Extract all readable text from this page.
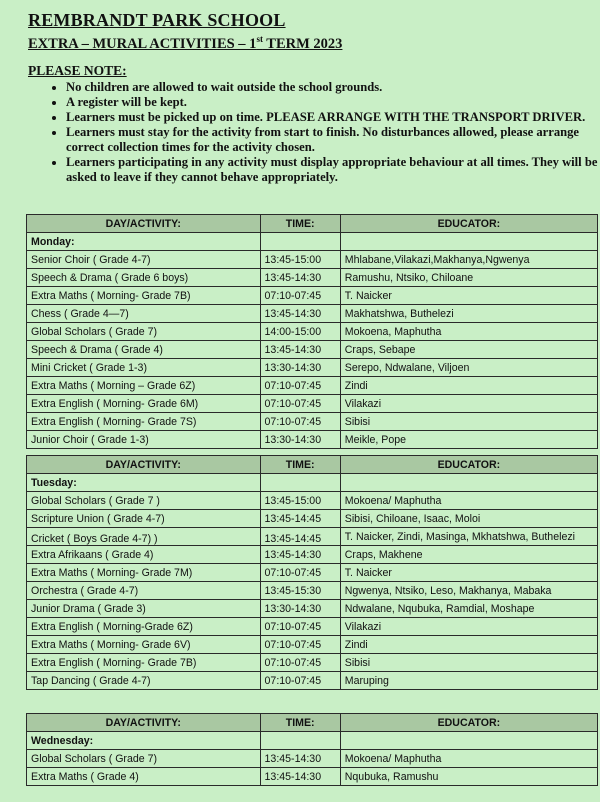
REMBRANDT PARK SCHOOL
EXTRA – MURAL ACTIVITIES – 1st TERM 2023
PLEASE NOTE:
• No children are allowed to wait outside the school grounds.
• A register will be kept.
• Learners must be picked up on time. PLEASE ARRANGE WITH THE TRANSPORT DRIVER.
• Learners must stay for the activity from start to finish. No disturbances allowed, please arrange correct collection times for the activity chosen.
• Learners participating in any activity must display appropriate behaviour at all times. They will be asked to leave if they cannot behave appropriately.
DAY/ACTIVITY:	TIME:	EDUCATOR:
Monday:		
Senior Choir ( Grade 4-7)	13:45-15:00	Mhlabane,Vilakazi,Makhanya,Ngwenya
Speech & Drama ( Grade 6 boys)	13:45-14:30	Ramushu, Ntsiko, Chiloane
Extra Maths ( Morning- Grade 7B)	07:10-07:45	T. Naicker
Chess ( Grade 4—7)	13:45-14:30	Makhatshwa, Buthelezi
Global Scholars ( Grade 7)	14:00-15:00	Mokoena, Maphutha
Speech & Drama ( Grade 4)	13:45-14:30	Craps, Sebape
Mini Cricket ( Grade 1-3)	13:30-14:30	Serepo, Ndwalane, Viljoen
Extra Maths ( Morning – Grade 6Z)	07:10-07:45	Zindi
Extra English ( Morning- Grade 6M)	07:10-07:45	Vilakazi
Extra English ( Morning- Grade 7S)	07:10-07:45	Sibisi
Junior Choir ( Grade 1-3)	13:30-14:30	Meikle, Pope
DAY/ACTIVITY:	TIME:	EDUCATOR:
Tuesday:		
Global Scholars ( Grade 7 )	13:45-15:00	Mokoena/ Maphutha
Scripture Union ( Grade 4-7)	13:45-14:45	Sibisi, Chiloane, Isaac, Moloi
Cricket ( Boys Grade 4-7) )	13:45-14:45	T. Naicker, Zindi, Masinga, Mkhatshwa, Buthelezi
Extra Afrikaans ( Grade 4)	13:45-14:30	Craps, Makhene
Extra Maths ( Morning- Grade 7M)	07:10-07:45	T. Naicker
Orchestra ( Grade 4-7)	13:45-15:30	Ngwenya, Ntsiko, Leso, Makhanya, Mabaka
Junior Drama ( Grade 3)	13:30-14:30	Ndwalane, Nqubuka, Ramdial, Moshape
Extra English ( Morning-Grade 6Z)	07:10-07:45	Vilakazi
Extra Maths ( Morning- Grade 6V)	07:10-07:45	Zindi
Extra English ( Morning- Grade 7B)	07:10-07:45	Sibisi
Tap Dancing ( Grade 4-7)	07:10-07:45	Maruping
DAY/ACTIVITY:	TIME:	EDUCATOR:
Wednesday:		
Global Scholars ( Grade 7)	13:45-14:30	Mokoena/ Maphutha
Extra Maths ( Grade 4)	13:45-14:30	Nqubuka, Ramushu
